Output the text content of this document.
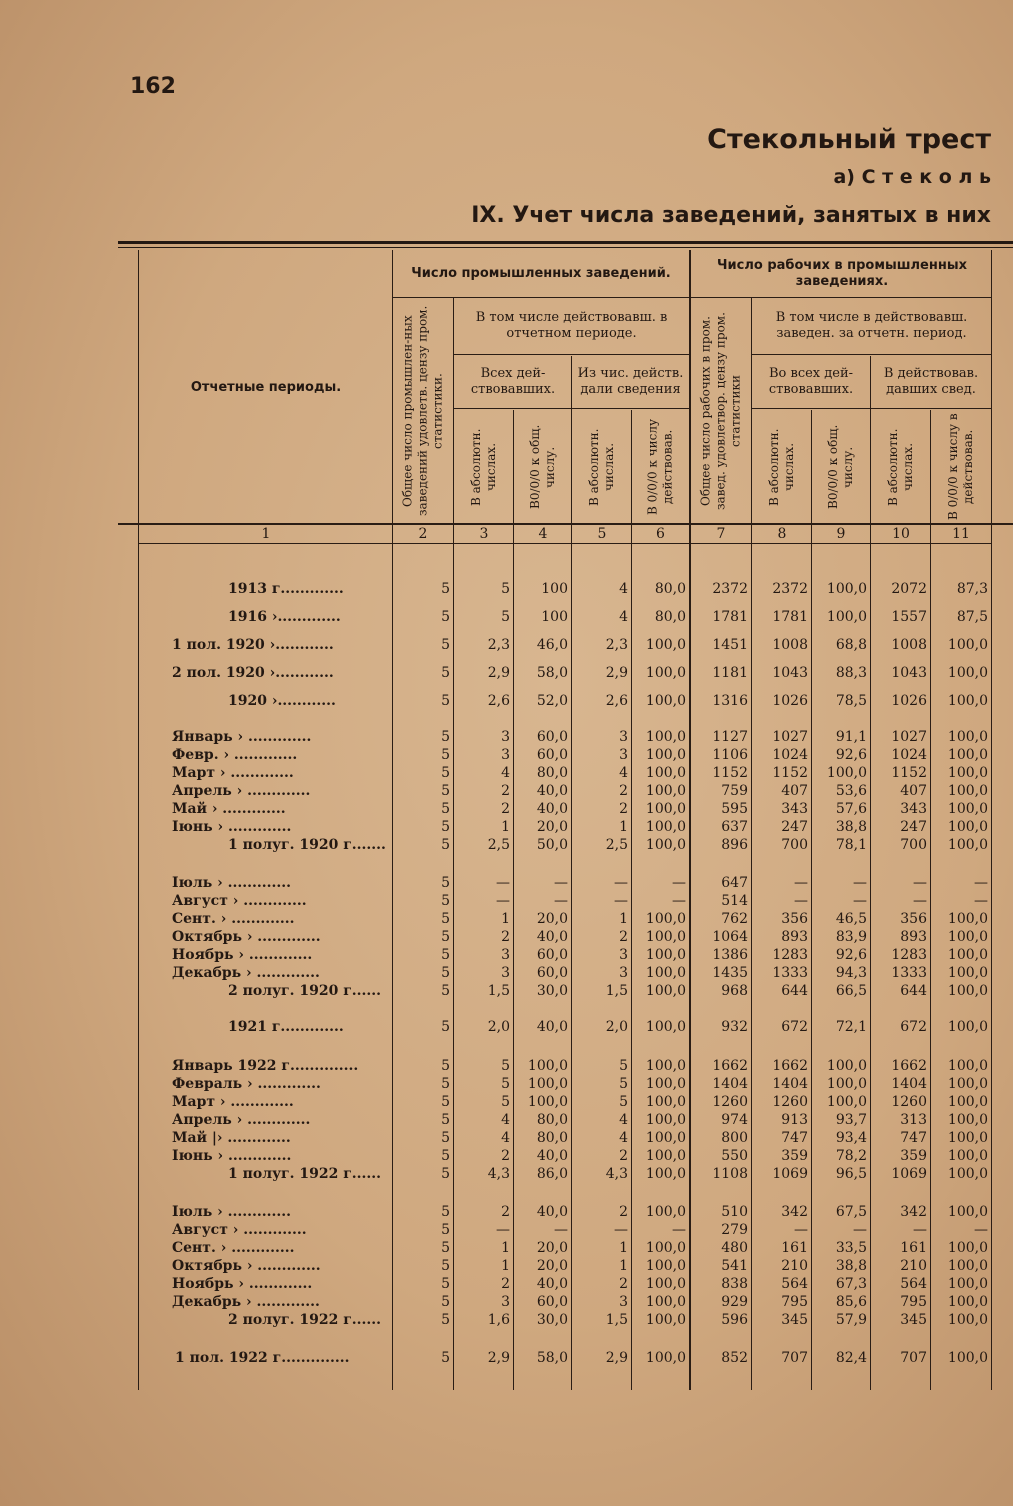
162
Стекольный трест
а) С т е к о л ь
IX. Учет числа заведений, занятых в них
Отчетные периоды.
Число промышленных заведений.
Число рабочих в промышленных заведениях.
Общее число промышлен-ных заведений удовлетв. цензу пром. статистики.
В том числе действовавш. в отчетном периоде.
Всех дей-ствовавших.
Из чис. действ. дали сведения
В абсолютн. числах.	В0/0/0 к общ. числу.	В абсолютн. числах.	В 0/0/0 к числу действовав.	Общее число рабочих в пром. завед. удовлетвор. цензу пром. статистики
В том числе в действовавш. заведен. за отчетн. период.
Во всех дей-ствовавших.
В действовав. давших свед.
В абсолютн. числах.	В0/0/0 к общ. числу.	В абсолютн. числах.	В 0/0/0 к числу в действовав.
1	2	3	4	5	6	7	8	9	10	11
1913 г.............	5	5	100	4	80,0	2372	2372	100,0	2072	87,3
1916 ›.............	5	5	100	4	80,0	1781	1781	100,0	1557	87,5
1 пол. 1920 ›............	5	2,3	46,0	2,3	100,0	1451	1008	68,8	1008	100,0
2 пол. 1920 ›............	5	2,9	58,0	2,9	100,0	1181	1043	88,3	1043	100,0
1920 ›............	5	2,6	52,0	2,6	100,0	1316	1026	78,5	1026	100,0
Январь › .............	5	3	60,0	3	100,0	1127	1027	91,1	1027	100,0
Февр. › .............	5	3	60,0	3	100,0	1106	1024	92,6	1024	100,0
Март › .............	5	4	80,0	4	100,0	1152	1152	100,0	1152	100,0
Апрель › .............	5	2	40,0	2	100,0	759	407	53,6	407	100,0
Май › .............	5	2	40,0	2	100,0	595	343	57,6	343	100,0
Iюнь › .............	5	1	20,0	1	100,0	637	247	38,8	247	100,0
1 полуг. 1920 г.......	5	2,5	50,0	2,5	100,0	896	700	78,1	700	100,0
Iюль › .............	5	—	—	—	—	647	—	—	—	—
Август › .............	5	—	—	—	—	514	—	—	—	—
Сент. › .............	5	1	20,0	1	100,0	762	356	46,5	356	100,0
Октябрь › .............	5	2	40,0	2	100,0	1064	893	83,9	893	100,0
Ноябрь › .............	5	3	60,0	3	100,0	1386	1283	92,6	1283	100,0
Декабрь › .............	5	3	60,0	3	100,0	1435	1333	94,3	1333	100,0
2 полуг. 1920 г......	5	1,5	30,0	1,5	100,0	968	644	66,5	644	100,0
1921 г.............	5	2,0	40,0	2,0	100,0	932	672	72,1	672	100,0
Январь 1922 г..............	5	5	100,0	5	100,0	1662	1662	100,0	1662	100,0
Февраль › .............	5	5	100,0	5	100,0	1404	1404	100,0	1404	100,0
Март › .............	5	5	100,0	5	100,0	1260	1260	100,0	1260	100,0
Апрель › .............	5	4	80,0	4	100,0	974	913	93,7	313	100,0
Май |› .............	5	4	80,0	4	100,0	800	747	93,4	747	100,0
Iюнь › .............	5	2	40,0	2	100,0	550	359	78,2	359	100,0
1 полуг. 1922 г......	5	4,3	86,0	4,3	100,0	1108	1069	96,5	1069	100,0
Iюль › .............	5	2	40,0	2	100,0	510	342	67,5	342	100,0
Август › .............	5	—	—	—	—	279	—	—	—	—
Сент. › .............	5	1	20,0	1	100,0	480	161	33,5	161	100,0
Октябрь › .............	5	1	20,0	1	100,0	541	210	38,8	210	100,0
Ноябрь › .............	5	2	40,0	2	100,0	838	564	67,3	564	100,0
Декабрь › .............	5	3	60,0	3	100,0	929	795	85,6	795	100,0
2 полуг. 1922 г......	5	1,6	30,0	1,5	100,0	596	345	57,9	345	100,0
1 пол. 1922 г..............	5	2,9	58,0	2,9	100,0	852	707	82,4	707	100,0
